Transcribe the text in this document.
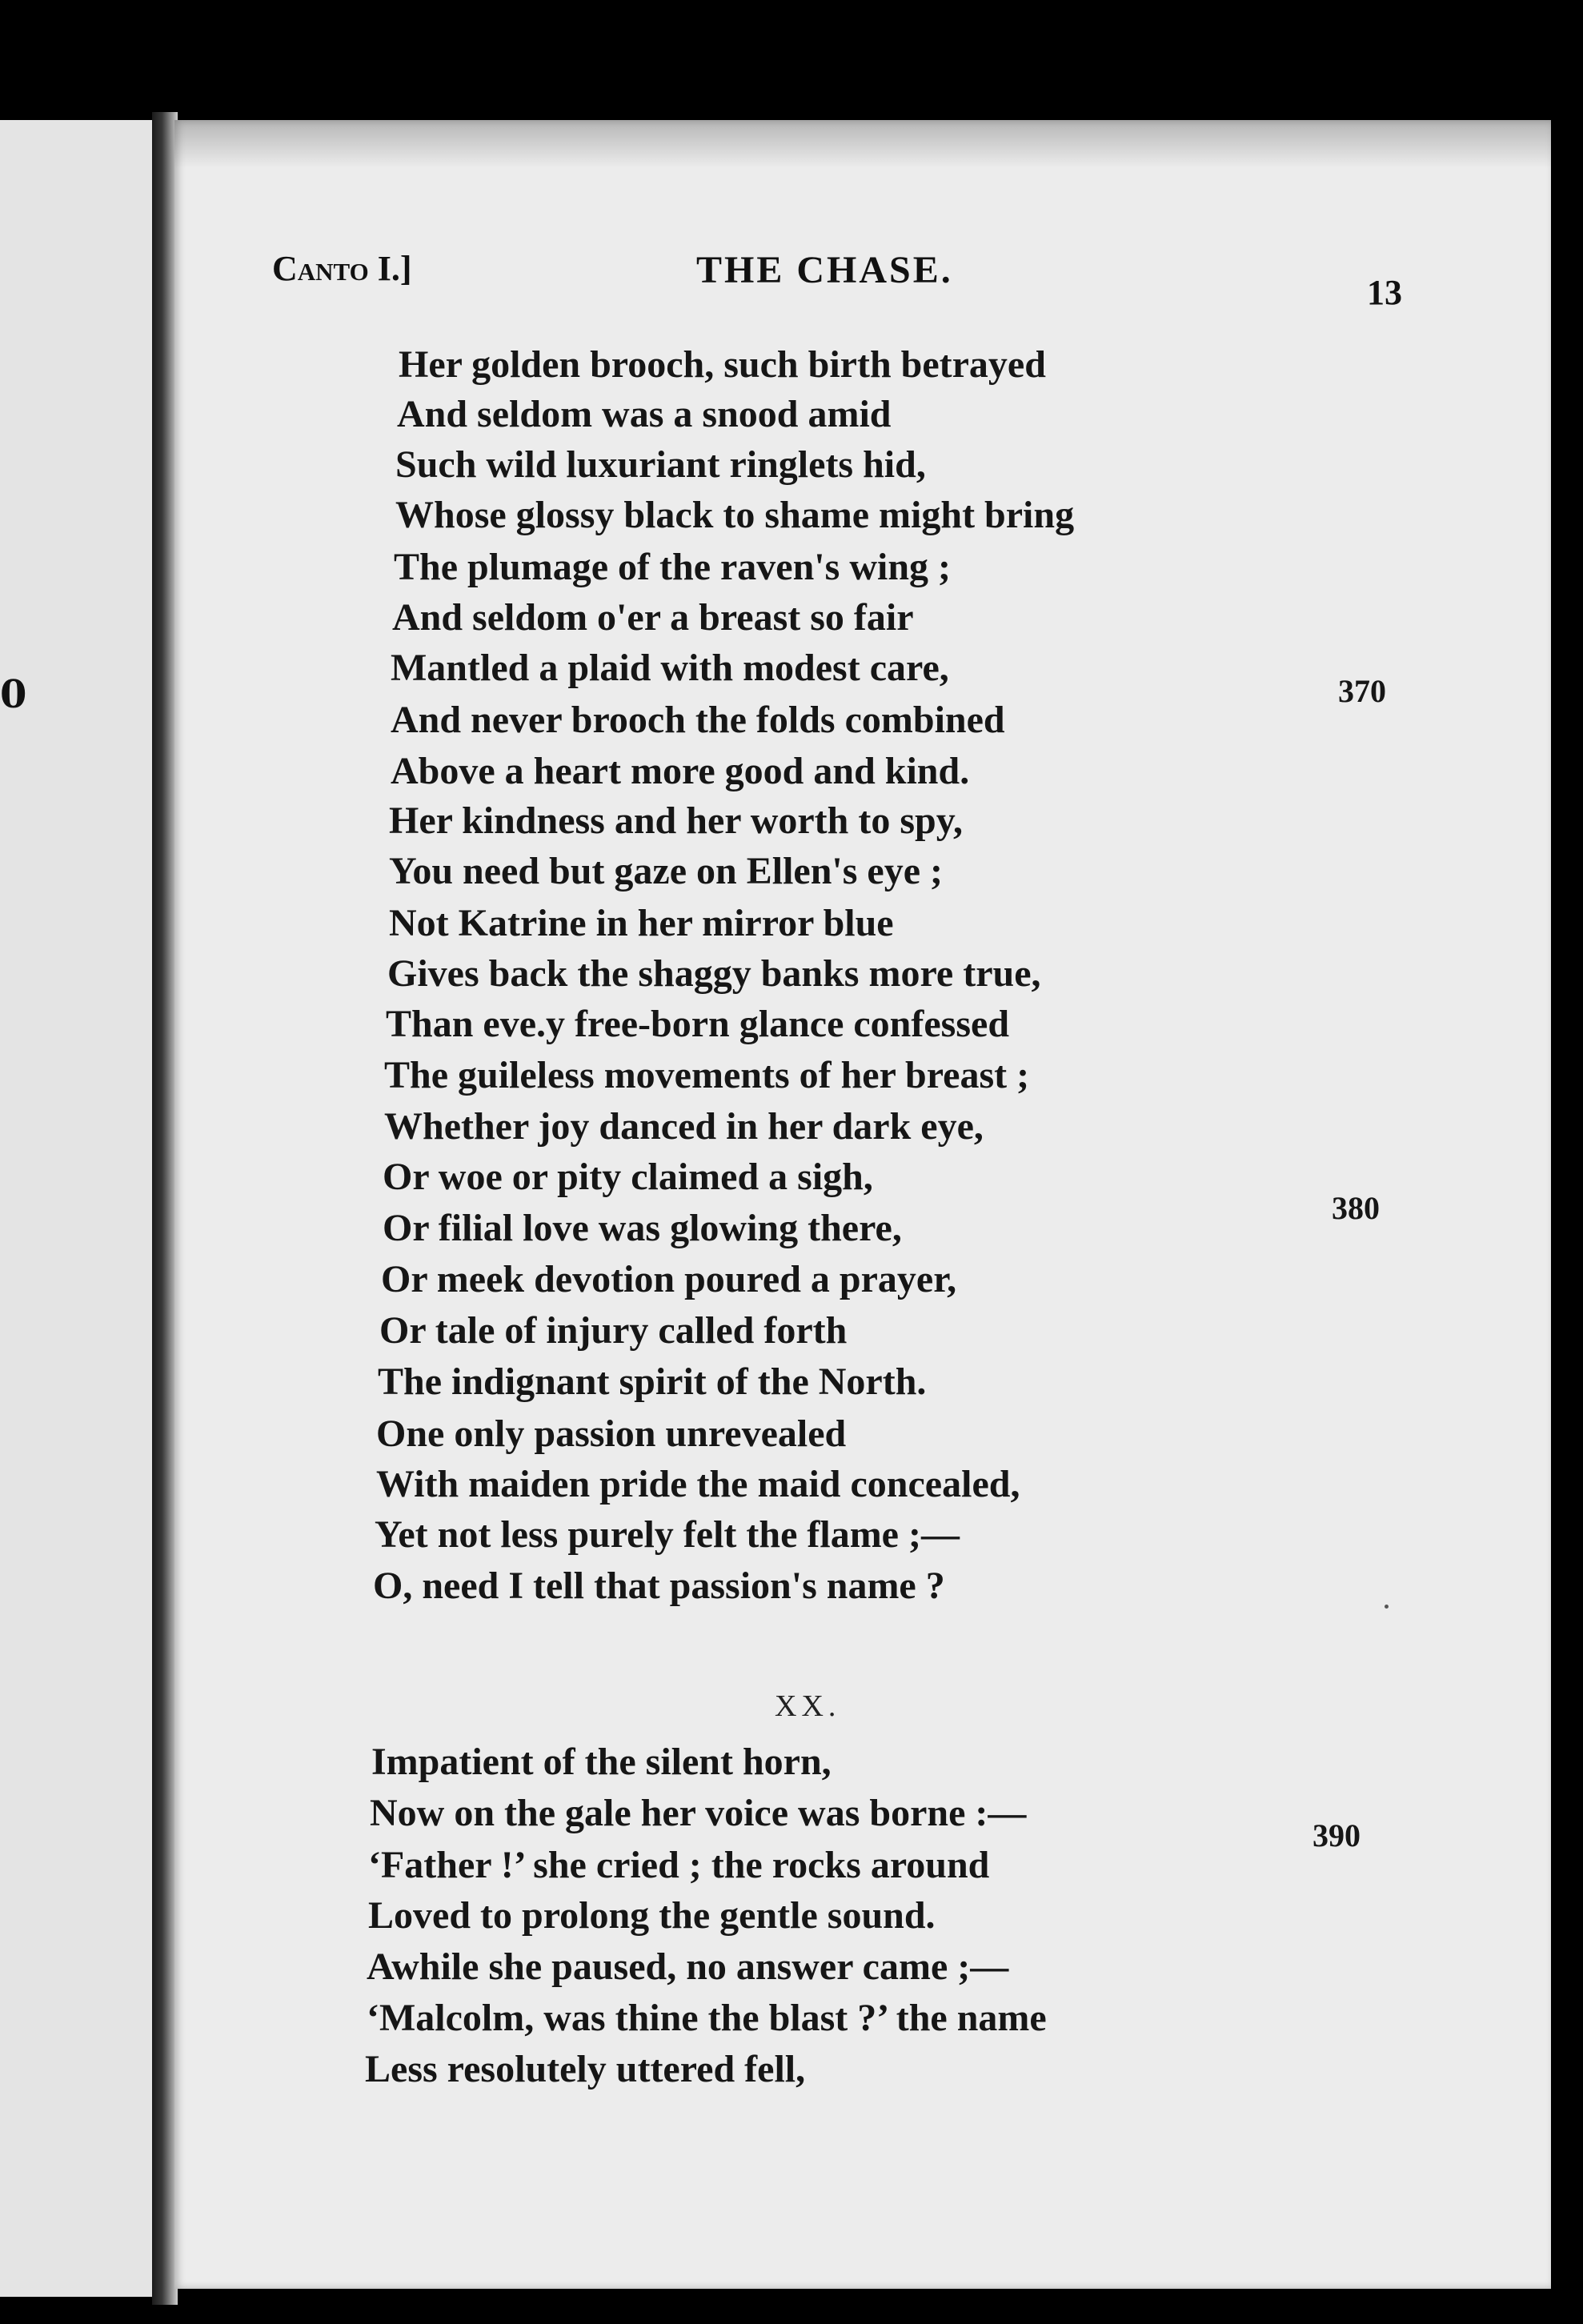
0
Canto I.]	THE CHASE.
13
Her golden brooch, such birth betrayed
And seldom was a snood amid
Such wild luxuriant ringlets hid,
Whose glossy black to shame might bring
The plumage of the raven's wing ;
And seldom o'er a breast so fair
Mantled a plaid with modest care,
And never brooch the folds combined
Above a heart more good and kind.
Her kindness and her worth to spy,
You need but gaze on Ellen's eye ;
Not Katrine in her mirror blue
Gives back the shaggy banks more true,
Than eve.y free-born glance confessed
The guileless movements of her breast ;
Whether joy danced in her dark eye,
Or woe or pity claimed a sigh,
Or filial love was glowing there,
Or meek devotion poured a prayer,
Or tale of injury called forth
The indignant spirit of the North.
One only passion unrevealed
With maiden pride the maid concealed,
Yet not less purely felt the flame ;—
O, need I tell that passion's name ?
370
380
XX.
Impatient of the silent horn,
Now on the gale her voice was borne :—
‘Father !’ she cried ; the rocks around
Loved to prolong the gentle sound.
Awhile she paused, no answer came ;—
‘Malcolm, was thine the blast ?’ the name
Less resolutely uttered fell,
390
